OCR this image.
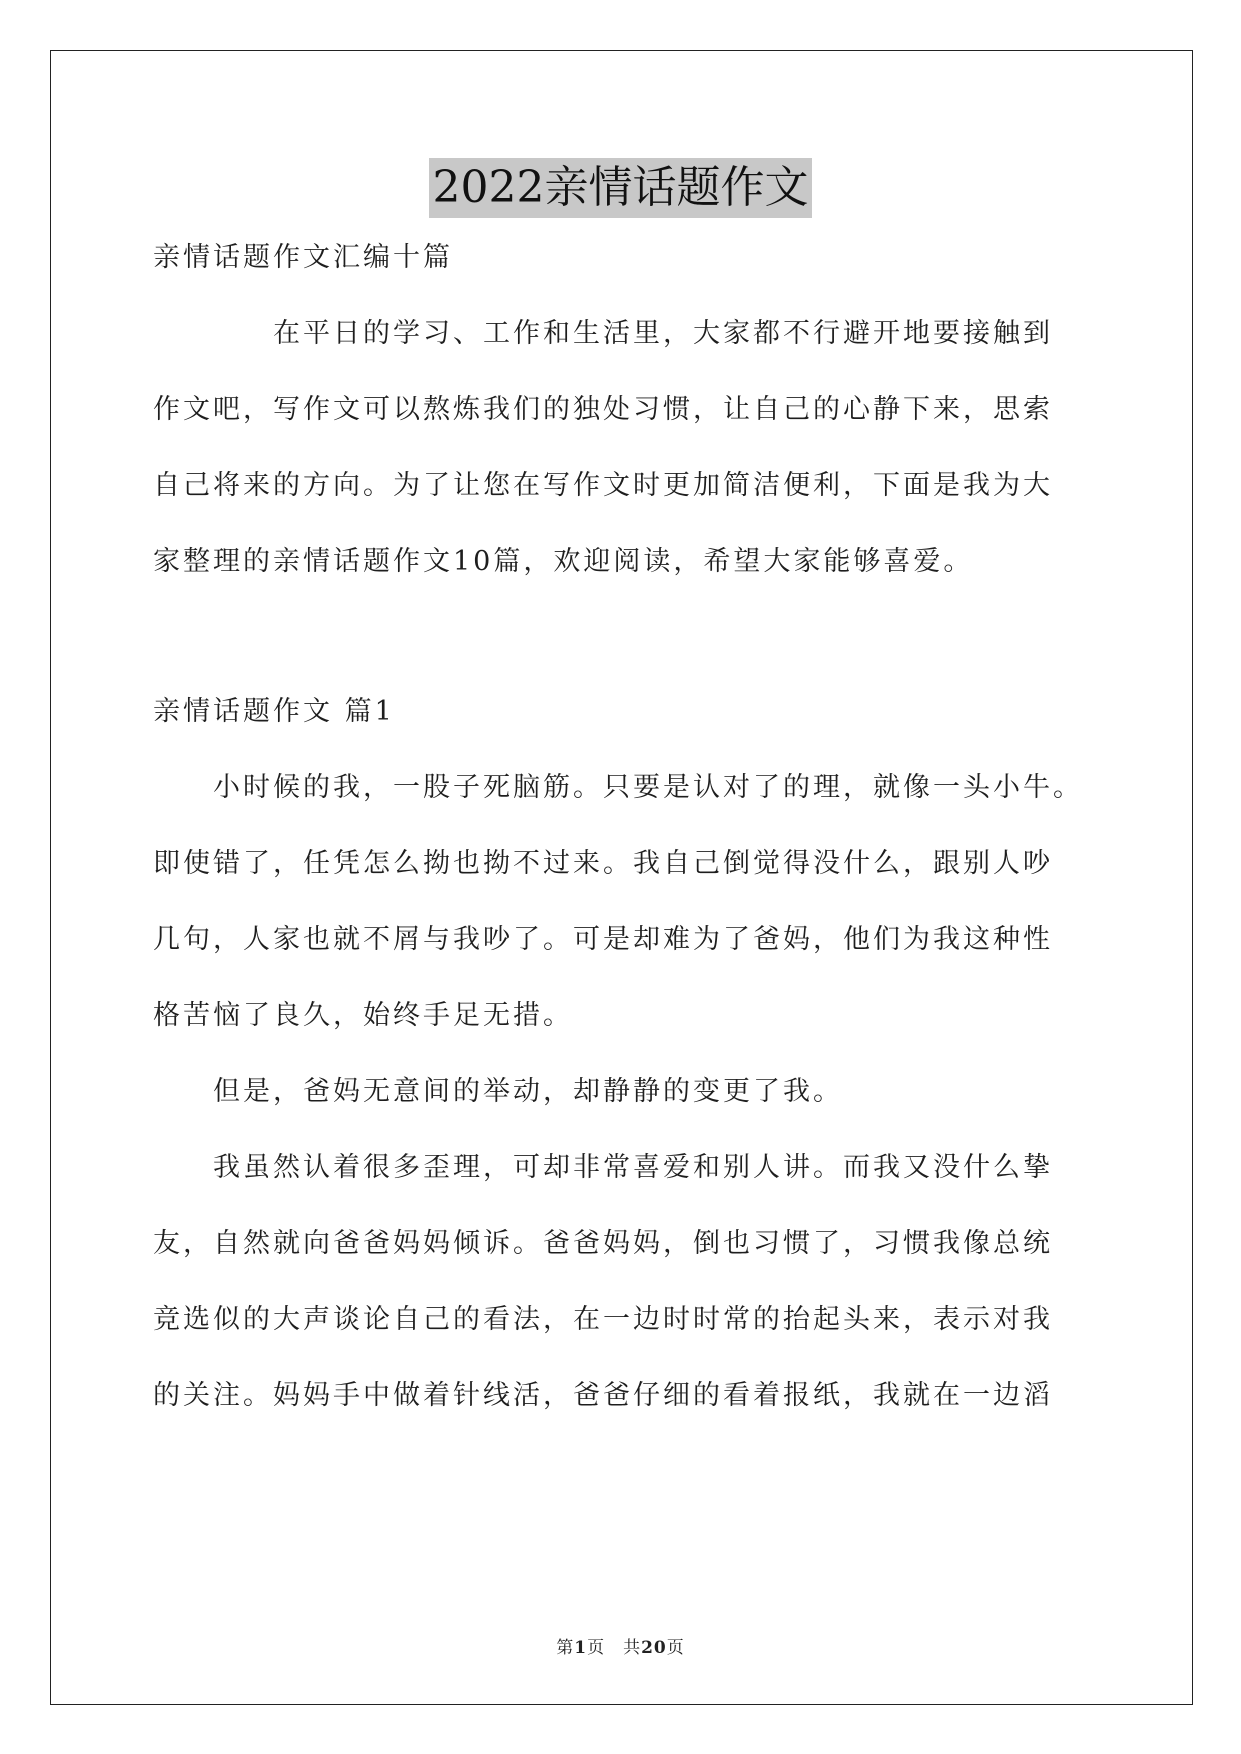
2022亲情话题作文
亲情话题作文汇编十篇
　　　　在平日的学习、工作和生活里，大家都不行避开地要接触到
作文吧，写作文可以熬炼我们的独处习惯，让自己的心静下来，思索
自己将来的方向。为了让您在写作文时更加简洁便利，下面是我为大
家整理的亲情话题作文10篇，欢迎阅读，希望大家能够喜爱。
亲情话题作文 篇1
　　小时候的我，一股子死脑筋。只要是认对了的理，就像一头小牛。
即使错了，任凭怎么拗也拗不过来。我自己倒觉得没什么，跟别人吵
几句，人家也就不屑与我吵了。可是却难为了爸妈，他们为我这种性
格苦恼了良久，始终手足无措。
　　但是，爸妈无意间的举动，却静静的变更了我。
　　我虽然认着很多歪理，可却非常喜爱和别人讲。而我又没什么挚
友，自然就向爸爸妈妈倾诉。爸爸妈妈，倒也习惯了，习惯我像总统
竞选似的大声谈论自己的看法，在一边时时常的抬起头来，表示对我
的关注。妈妈手中做着针线活，爸爸仔细的看着报纸，我就在一边滔
第1页　共20页
